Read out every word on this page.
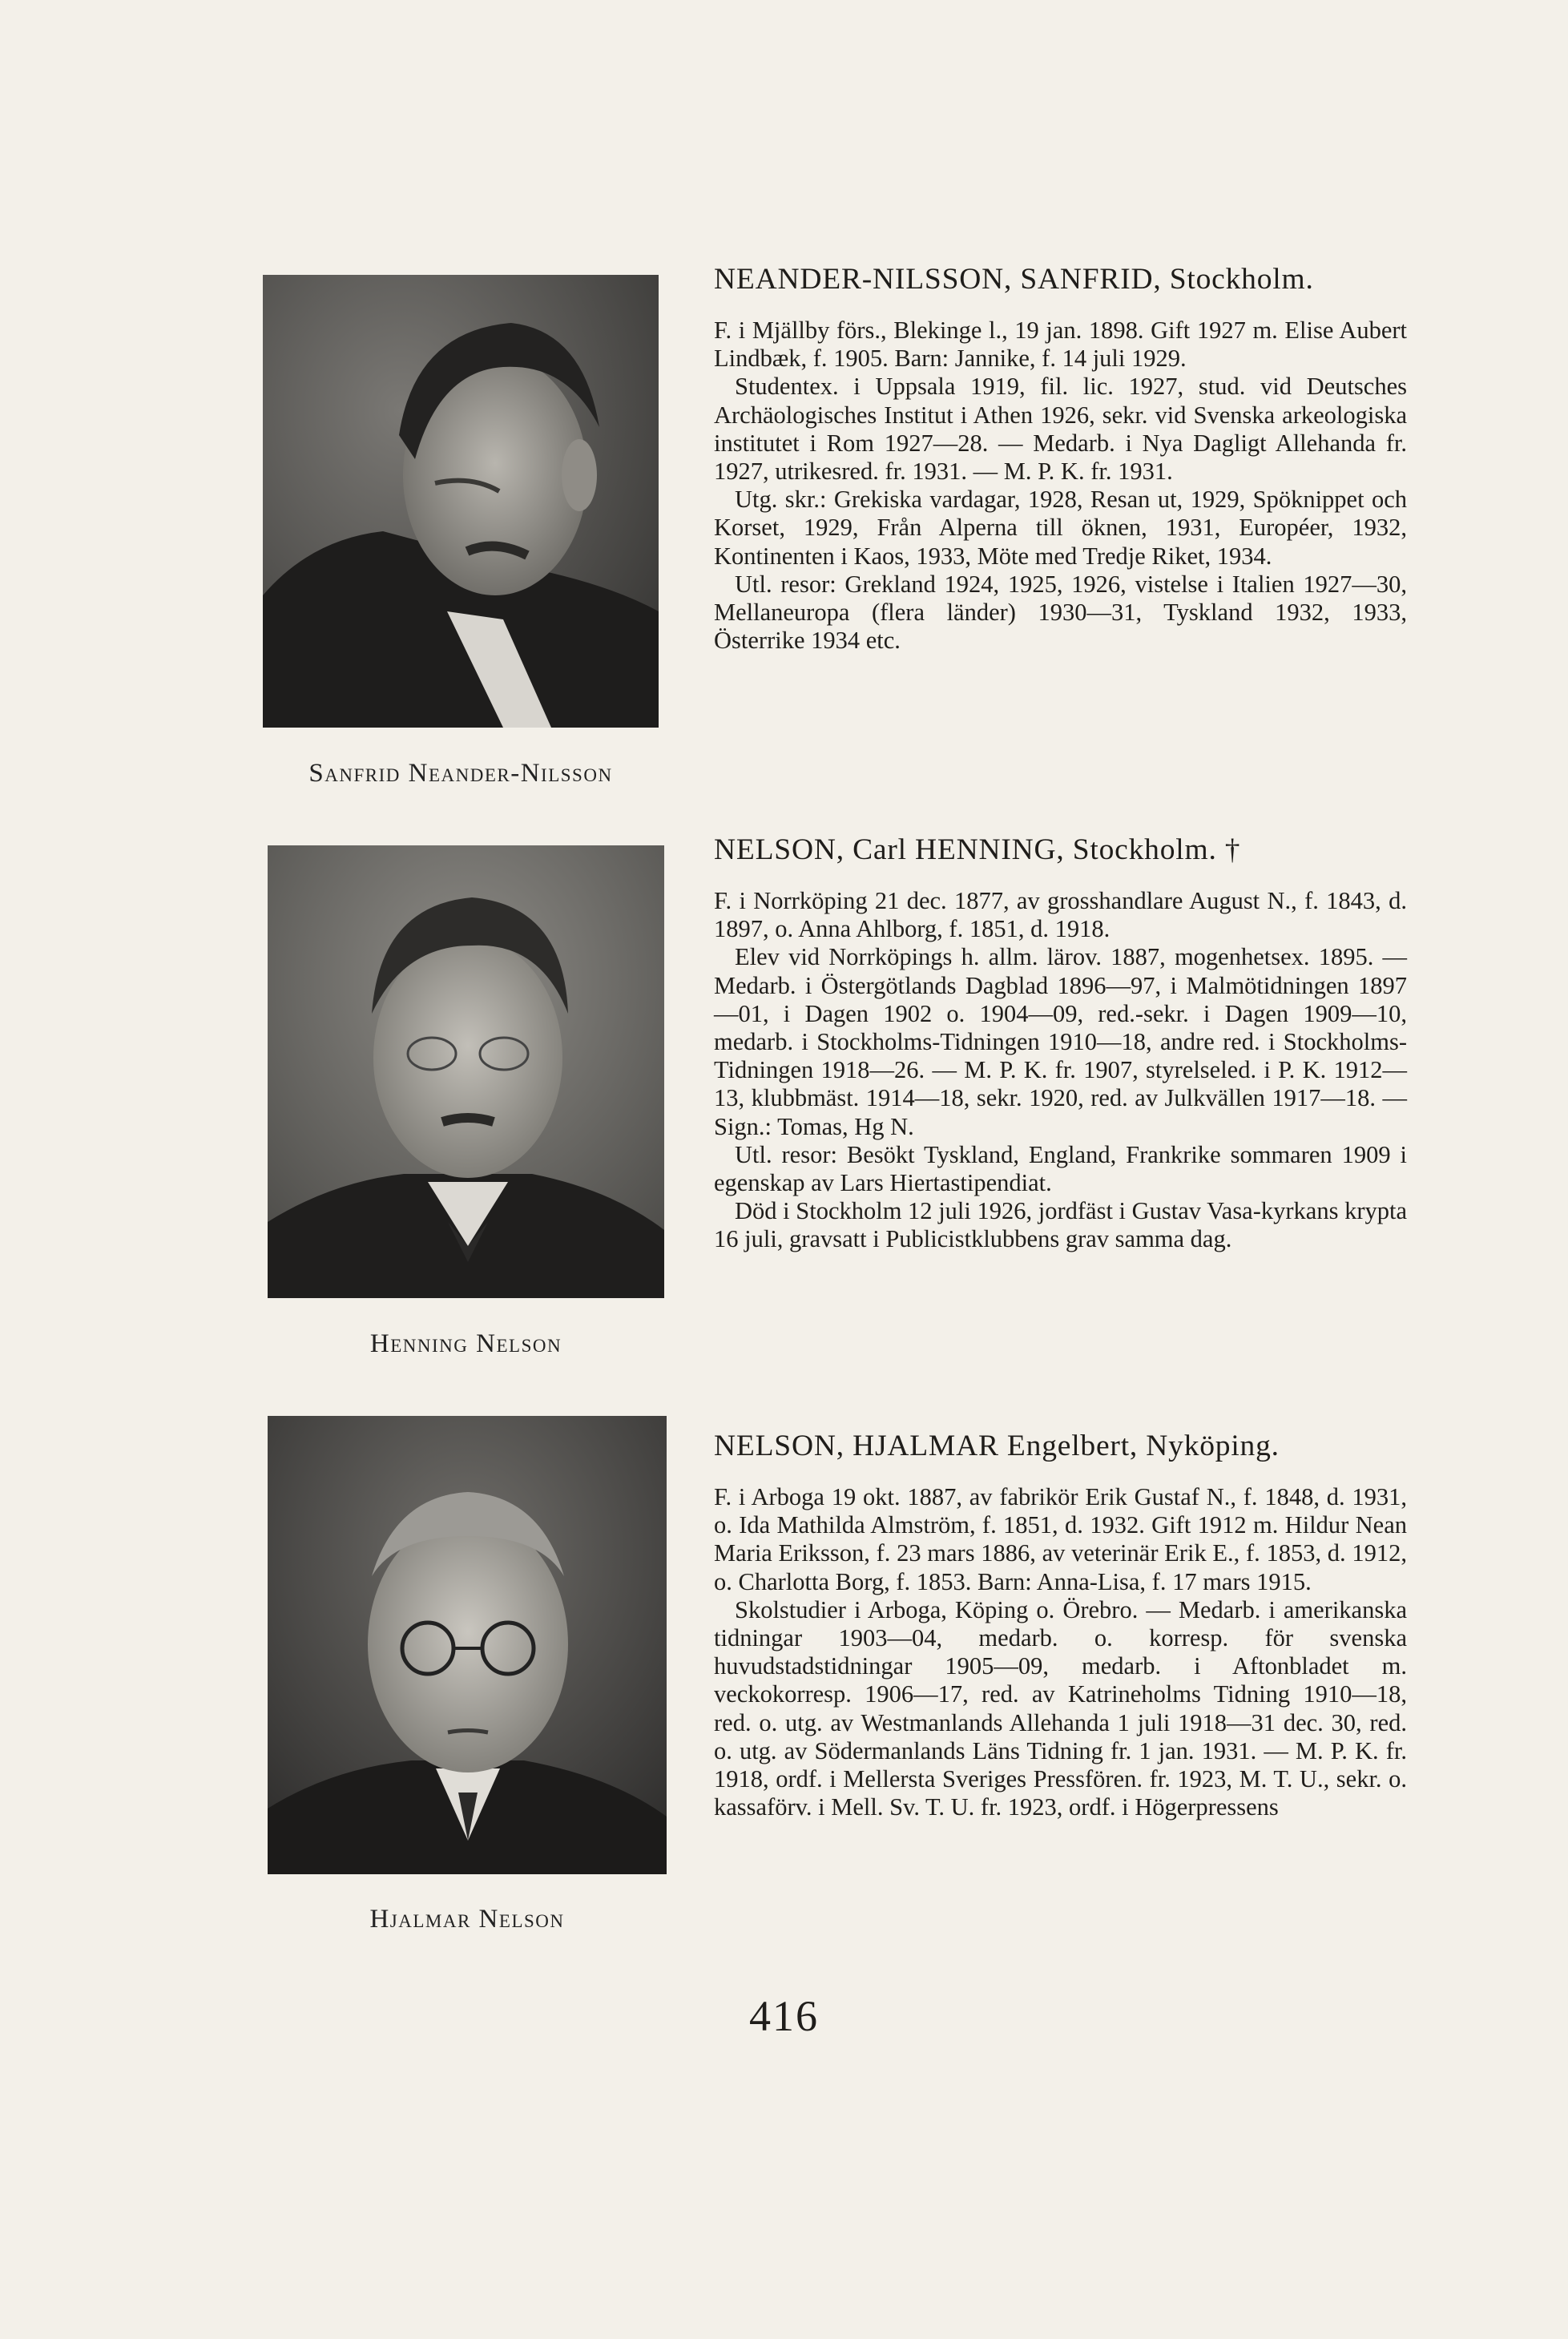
Sanfrid Neander-Nilsson
NEANDER-NILSSON, SANFRID, Stockholm.

F. i Mjällby förs., Blekinge l., 19 jan. 1898. Gift 1927 m. Elise Aubert Lindbæk, f. 1905. Barn: Jannike, f. 14 juli 1929.

Studentex. i Uppsala 1919, fil. lic. 1927, stud. vid Deutsches Archäologisches Institut i Athen 1926, sekr. vid Svenska arkeologiska institutet i Rom 1927—28. — Medarb. i Nya Dagligt Allehanda fr. 1927, utrikesred. fr. 1931. — M. P. K. fr. 1931.

Utg. skr.: Grekiska vardagar, 1928, Resan ut, 1929, Spöknippet och Korset, 1929, Från Alperna till öknen, 1931, Européer, 1932, Kontinenten i Kaos, 1933, Möte med Tredje Riket, 1934.

Utl. resor: Grekland 1924, 1925, 1926, vistelse i Italien 1927—30, Mellaneuropa (flera länder) 1930—31, Tyskland 1932, 1933, Österrike 1934 etc.

Henning Nelson
NELSON, Carl HENNING, Stockholm. †

F. i Norrköping 21 dec. 1877, av grosshandlare August N., f. 1843, d. 1897, o. Anna Ahlborg, f. 1851, d. 1918.

Elev vid Norrköpings h. allm. lärov. 1887, mogenhetsex. 1895. — Medarb. i Östergötlands Dagblad 1896—97, i Malmötidningen 1897—01, i Dagen 1902 o. 1904—09, red.-sekr. i Dagen 1909—10, medarb. i Stockholms-Tidningen 1910—18, andre red. i Stockholms-Tidningen 1918—26. — M. P. K. fr. 1907, styrelseled. i P. K. 1912—13, klubbmäst. 1914—18, sekr. 1920, red. av Julkvällen 1917—18. — Sign.: Tomas, Hg N.

Utl. resor: Besökt Tyskland, England, Frankrike sommaren 1909 i egenskap av Lars Hiertastipendiat.

Död i Stockholm 12 juli 1926, jordfäst i Gustav Vasa-kyrkans krypta 16 juli, gravsatt i Publicistklubbens grav samma dag.

Hjalmar Nelson
NELSON, HJALMAR Engelbert, Nyköping.

F. i Arboga 19 okt. 1887, av fabrikör Erik Gustaf N., f. 1848, d. 1931, o. Ida Mathilda Almström, f. 1851, d. 1932. Gift 1912 m. Hildur Nean Maria Eriksson, f. 23 mars 1886, av veterinär Erik E., f. 1853, d. 1912, o. Charlotta Borg, f. 1853. Barn: Anna-Lisa, f. 17 mars 1915.

Skolstudier i Arboga, Köping o. Örebro. — Medarb. i amerikanska tidningar 1903—04, medarb. o. korresp. för svenska huvudstadstidningar 1905—09, medarb. i Aftonbladet m. veckokorresp. 1906—17, red. av Katrineholms Tidning 1910—18, red. o. utg. av Westmanlands Allehanda 1 juli 1918—31 dec. 30, red. o. utg. av Södermanlands Läns Tidning fr. 1 jan. 1931. — M. P. K. fr. 1918, ordf. i Mellersta Sveriges Pressfören. fr. 1923, M. T. U., sekr. o. kassaförv. i Mell. Sv. T. U. fr. 1923, ordf. i Högerpressens

416
